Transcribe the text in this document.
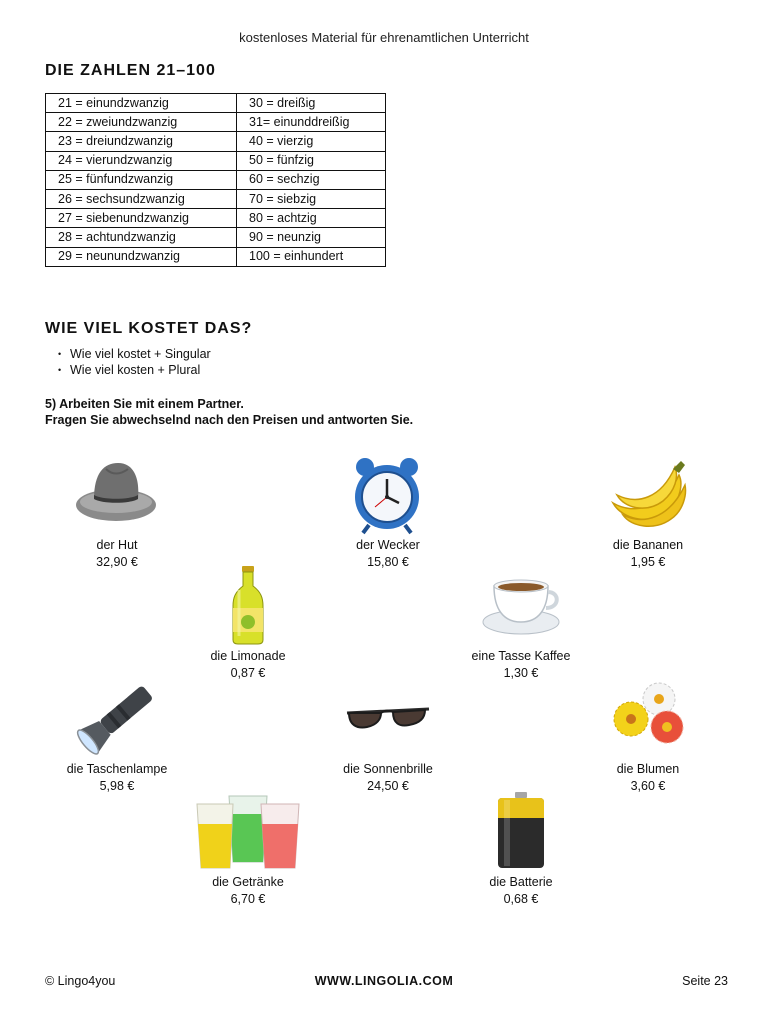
kostenloses Material für ehrenamtlichen Unterricht
DIE ZAHLEN 21–100
21 = einundzwanzig	30 = dreißig
22 = zweiundzwanzig	31= einunddreißig
23 = dreiundzwanzig	40 = vierzig
24 = vierundzwanzig	50 = fünfzig
25 = fünfundzwanzig	60 = sechzig
26 = sechsundzwanzig	70 = siebzig
27 = siebenundzwanzig	80 = achtzig
28 = achtundzwanzig	90 = neunzig
29 = neunundzwanzig	100 = einhundert
WIE VIEL KOSTET DAS?
• Wie viel kostet + Singular
• Wie viel kosten + Plural
5) Arbeiten Sie mit einem Partner.
Fragen Sie abwechselnd nach den Preisen und antworten Sie.
der Hut
32,90 €
der Wecker
15,80 €
die Bananen
1,95 €
die Limonade
0,87 €
eine Tasse Kaffee
1,30 €
die Taschenlampe
5,98 €
die Sonnenbrille
24,50 €
die Blumen
3,60 €
die Getränke
6,70 €
die Batterie
0,68 €
© Lingo4you	WWW.LINGOLIA.COM	Seite 23
